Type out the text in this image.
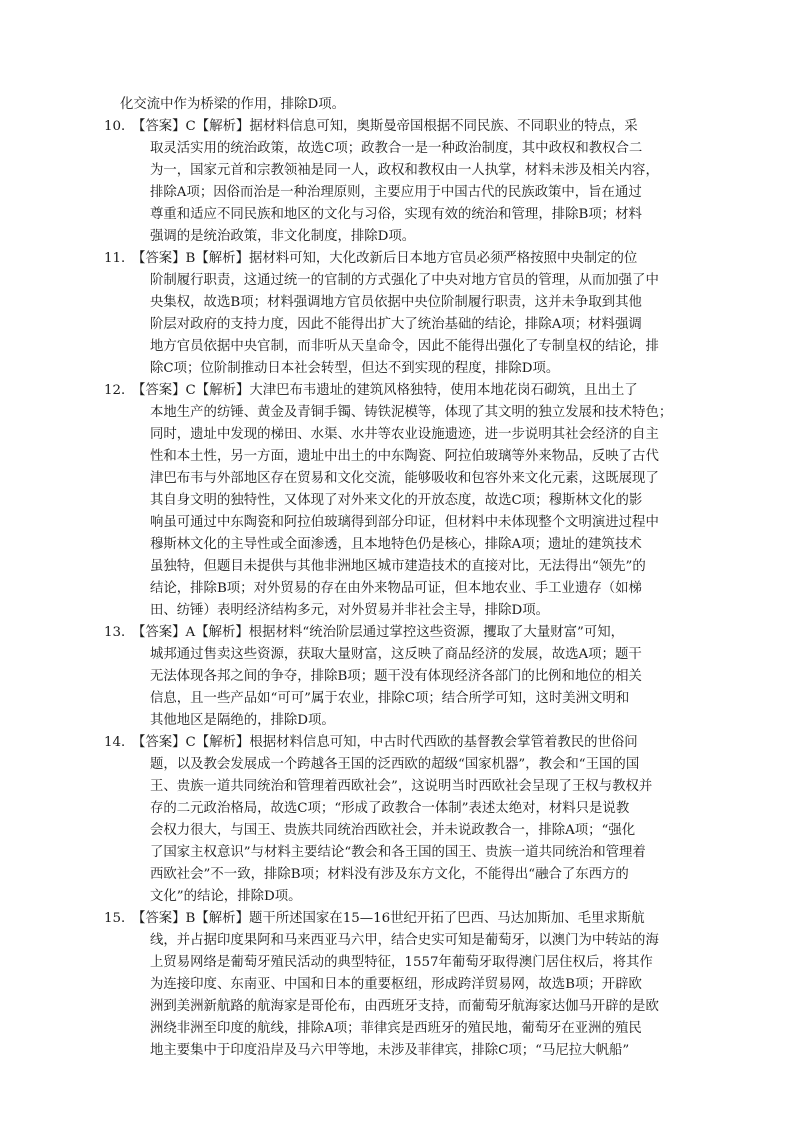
化交流中作为桥梁的作用，排除D项。
10．
【答案】C【解析】据材料信息可知，奥斯曼帝国根据不同民族、不同职业的特点，采
取灵活实用的统治政策，故选C项；政教合一是一种政治制度，其中政权和教权合二
为一，国家元首和宗教领袖是同一人，政权和教权由一人执掌，材料未涉及相关内容，
排除A项；因俗而治是一种治理原则，主要应用于中国古代的民族政策中，旨在通过
尊重和适应不同民族和地区的文化与习俗，实现有效的统治和管理，排除B项；材料
强调的是统治政策，非文化制度，排除D项。
11．
【答案】B【解析】据材料可知，大化改新后日本地方官员必须严格按照中央制定的位
阶制履行职责，这通过统一的官制的方式强化了中央对地方官员的管理，从而加强了中
央集权，故选B项；材料强调地方官员依据中央位阶制履行职责，这并未争取到其他
阶层对政府的支持力度，因此不能得出扩大了统治基础的结论，排除A项；材料强调
地方官员依据中央官制，而非听从天皇命令，因此不能得出强化了专制皇权的结论，排
除C项；位阶制推动日本社会转型，但达不到实现的程度，排除D项。
12．
【答案】C【解析】大津巴布韦遗址的建筑风格独特，使用本地花岗石砌筑，且出土了
本地生产的纺锤、黄金及青铜手镯、铸铁泥模等，体现了其文明的独立发展和技术特色；
同时，遗址中发现的梯田、水渠、水井等农业设施遗迹，进一步说明其社会经济的自主
性和本土性，另一方面，遗址中出土的中东陶瓷、阿拉伯玻璃等外来物品，反映了古代
津巴布韦与外部地区存在贸易和文化交流，能够吸收和包容外来文化元素，这既展现了
其自身文明的独特性，又体现了对外来文化的开放态度，故选C项；穆斯林文化的影
响虽可通过中东陶瓷和阿拉伯玻璃得到部分印证，但材料中未体现整个文明演进过程中
穆斯林文化的主导性或全面渗透，且本地特色仍是核心，排除A项；遗址的建筑技术
虽独特，但题目未提供与其他非洲地区城市建造技术的直接对比，无法得出“领先”的
结论，排除B项；对外贸易的存在由外来物品可证，但本地农业、手工业遗存（如梯
田、纺锤）表明经济结构多元，对外贸易并非社会主导，排除D项。
13．
【答案】A【解析】根据材料“统治阶层通过掌控这些资源，攫取了大量财富”可知，
城邦通过售卖这些资源，获取大量财富，这反映了商品经济的发展，故选A项；题干
无法体现各邦之间的争夺，排除B项；题干没有体现经济各部门的比例和地位的相关
信息，且一些产品如“可可”属于农业，排除C项；结合所学可知，这时美洲文明和
其他地区是隔绝的，排除D项。
14．
【答案】C【解析】根据材料信息可知，中古时代西欧的基督教会掌管着教民的世俗问
题，以及教会发展成一个跨越各王国的泛西欧的超级“国家机器”，教会和“王国的国
王、贵族一道共同统治和管理着西欧社会”，这说明当时西欧社会呈现了王权与教权并
存的二元政治格局，故选C项；“形成了政教合一体制”表述太绝对，材料只是说教
会权力很大，与国王、贵族共同统治西欧社会，并未说政教合一，排除A项；“强化
了国家主权意识”与材料主要结论“教会和各王国的国王、贵族一道共同统治和管理着
西欧社会”不一致，排除B项；材料没有涉及东方文化，不能得出“融合了东西方的
文化”的结论，排除D项。
15．
【答案】B【解析】题干所述国家在15—16世纪开拓了巴西、马达加斯加、毛里求斯航
线，并占据印度果阿和马来西亚马六甲，结合史实可知是葡萄牙，以澳门为中转站的海
上贸易网络是葡萄牙殖民活动的典型特征，1557年葡萄牙取得澳门居住权后，将其作
为连接印度、东南亚、中国和日本的重要枢纽，形成跨洋贸易网，故选B项；开辟欧
洲到美洲新航路的航海家是哥伦布，由西班牙支持，而葡萄牙航海家达伽马开辟的是欧
洲绕非洲至印度的航线，排除A项；菲律宾是西班牙的殖民地，葡萄牙在亚洲的殖民
地主要集中于印度沿岸及马六甲等地，未涉及菲律宾，排除C项；“马尼拉大帆船”
